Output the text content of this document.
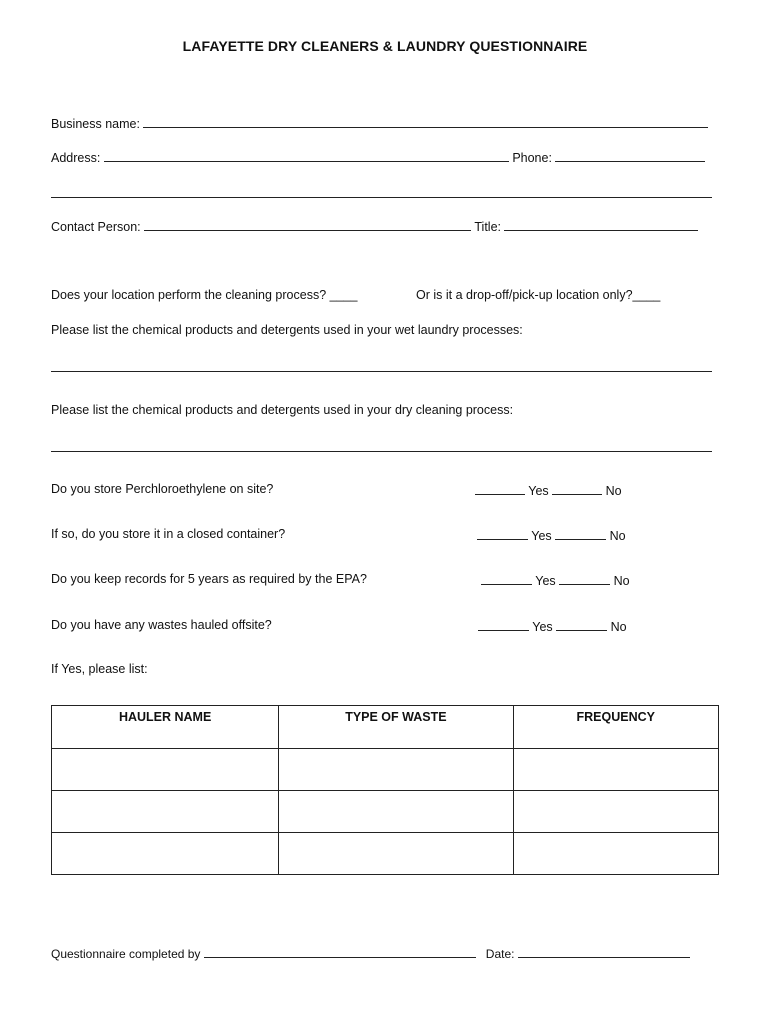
LAFAYETTE DRY CLEANERS & LAUNDRY QUESTIONNAIRE
Business name:
Address:	Phone:
Contact Person:	Title:
Does your location perform the cleaning process? ____	Or is it a drop-off/pick-up location only?____
Please list the chemical products and detergents used in your wet laundry processes:
Please list the chemical products and detergents used in your dry cleaning process:
Do you store Perchloroethylene on site?	Yes	No
If so, do you store it in a closed container?	Yes	No
Do you keep records for 5 years as required by the EPA?	Yes	No
Do you have any wastes hauled offsite?	Yes	No
If Yes, please list:
HAULER NAME	TYPE OF WASTE	FREQUENCY

Questionnaire completed by	Date:
